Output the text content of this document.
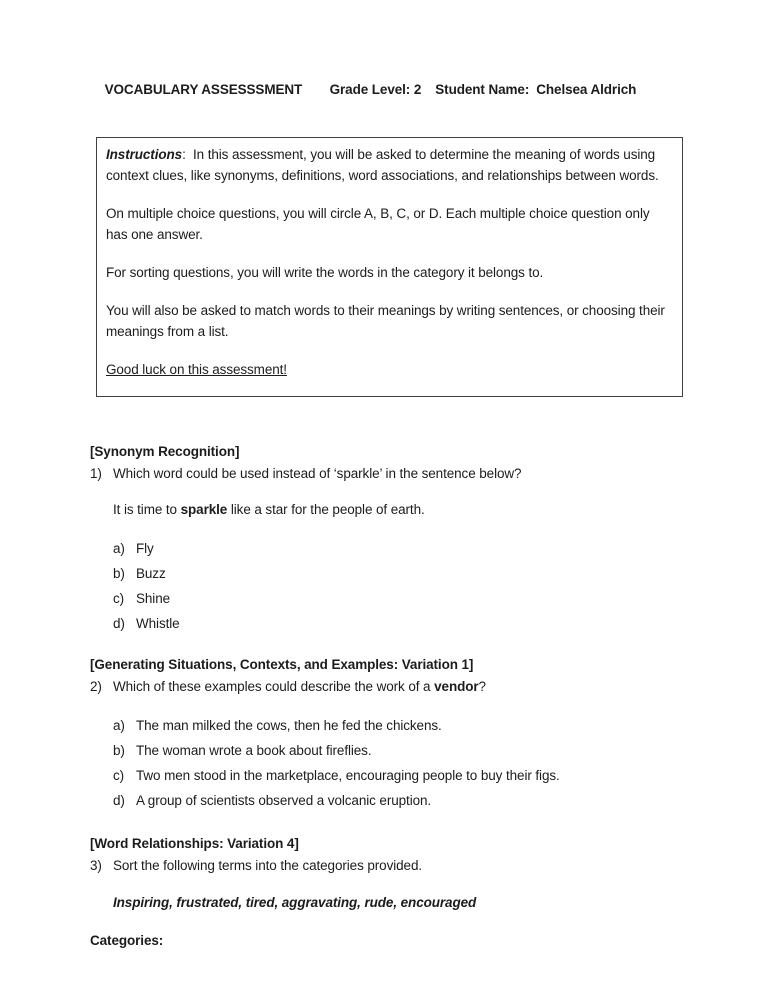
VOCABULARY ASSESSSMENT Grade Level: 2 Student Name: Chelsea Aldrich

Instructions:  In this assessment, you will be asked to determine the meaning of words using context clues, like synonyms, definitions, word associations, and relationships between words.

On multiple choice questions, you will circle A, B, C, or D. Each multiple choice question only has one answer.

For sorting questions, you will write the words in the category it belongs to.

You will also be asked to match words to their meanings by writing sentences, or choosing their meanings from a list.

Good luck on this assessment!

[Synonym Recognition]
1) Which word could be used instead of ‘sparkle’ in the sentence below?
It is time to sparkle like a star for the people of earth.
a) Fly
b) Buzz
c) Shine
d) Whistle
[Generating Situations, Contexts, and Examples: Variation 1]
2) Which of these examples could describe the work of a vendor?
a) The man milked the cows, then he fed the chickens.
b) The woman wrote a book about fireflies.
c) Two men stood in the marketplace, encouraging people to buy their figs.
d) A group of scientists observed a volcanic eruption.
[Word Relationships: Variation 4]
3) Sort the following terms into the categories provided.
Inspiring, frustrated, tired, aggravating, rude, encouraged
Categories:
